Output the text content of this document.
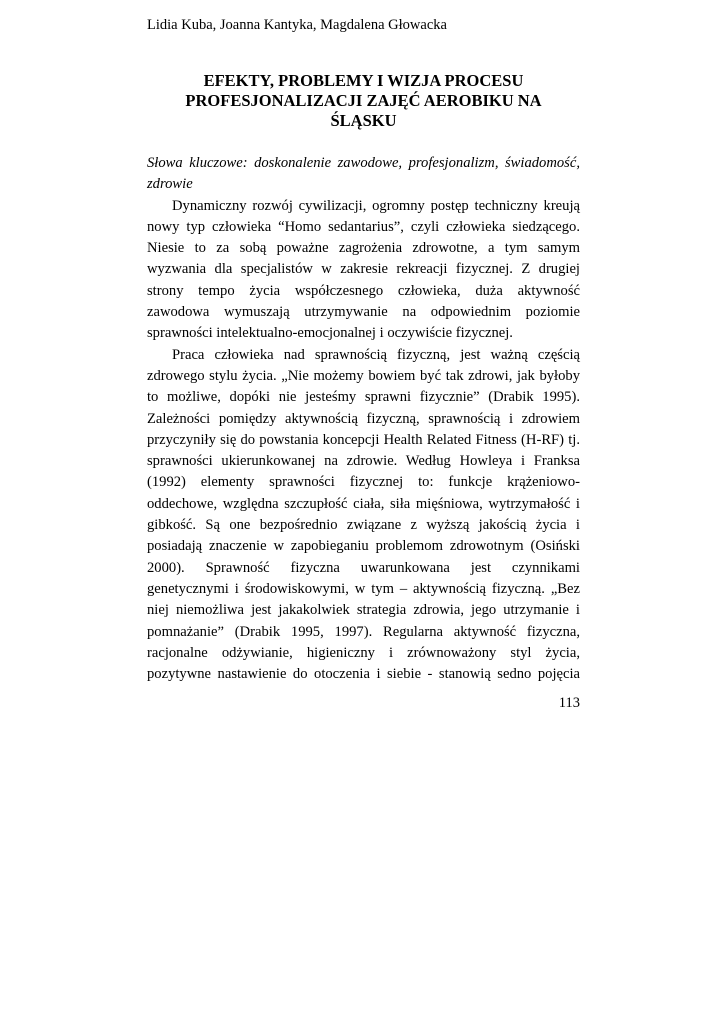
Lidia Kuba, Joanna Kantyka, Magdalena Głowacka
EFEKTY, PROBLEMY I WIZJA PROCESU
PROFESJONALIZACJI ZAJĘĆ AEROBIKU NA
ŚLĄSKU
Słowa kluczowe: doskonalenie zawodowe, profesjonalizm, świadomość,
zdrowie
Dynamiczny rozwój cywilizacji, ogromny postęp techniczny kreują
nowy typ człowieka “Homo sedantarius”, czyli człowieka siedzącego.
Niesie to za sobą poważne zagrożenia zdrowotne, a tym samym
wyzwania dla specjalistów w zakresie rekreacji fizycznej. Z drugiej
strony tempo życia współczesnego człowieka, duża aktywność
zawodowa wymuszają utrzymywanie na odpowiednim poziomie
sprawności intelektualno-emocjonalnej i oczywiście fizycznej.
Praca człowieka nad sprawnością fizyczną, jest ważną częścią
zdrowego stylu życia. „Nie możemy bowiem być tak zdrowi, jak byłoby
to możliwe, dopóki nie jesteśmy sprawni fizycznie” (Drabik 1995).
Zależności pomiędzy aktywnością fizyczną, sprawnością i zdrowiem
przyczyniły się do powstania koncepcji Health Related Fitness (H-RF) tj.
sprawności ukierunkowanej na zdrowie. Według Howleya i Franksa
(1992) elementy sprawności fizycznej to: funkcje krążeniowo-
oddechowe, względna szczupłość ciała, siła mięśniowa, wytrzymałość i
gibkość. Są one bezpośrednio związane z wyższą jakością życia i
posiadają znaczenie w zapobieganiu problemom zdrowotnym (Osiński
2000). Sprawność fizyczna uwarunkowana jest czynnikami
genetycznymi i środowiskowymi, w tym – aktywnością fizyczną. „Bez
niej niemożliwa jest jakakolwiek strategia zdrowia, jego utrzymanie i
pomnażanie” (Drabik 1995, 1997). Regularna aktywność fizyczna,
racjonalne odżywianie, higieniczny i zrównoważony styl życia,
pozytywne nastawienie do otoczenia i siebie - stanowią sedno pojęcia
113
